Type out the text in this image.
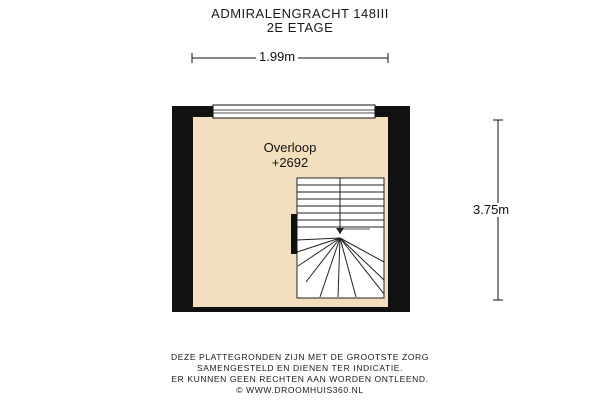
ADMIRALENGRACHT 148III
2E ETAGE
1.99m
3.75m
Overloop
+2692
DEZE PLATTEGRONDEN ZIJN MET DE GROOTSTE ZORG
SAMENGESTELD EN DIENEN TER INDICATIE.
ER KUNNEN GEEN RECHTEN AAN WORDEN ONTLEEND.
© WWW.DROOMHUIS360.NL
